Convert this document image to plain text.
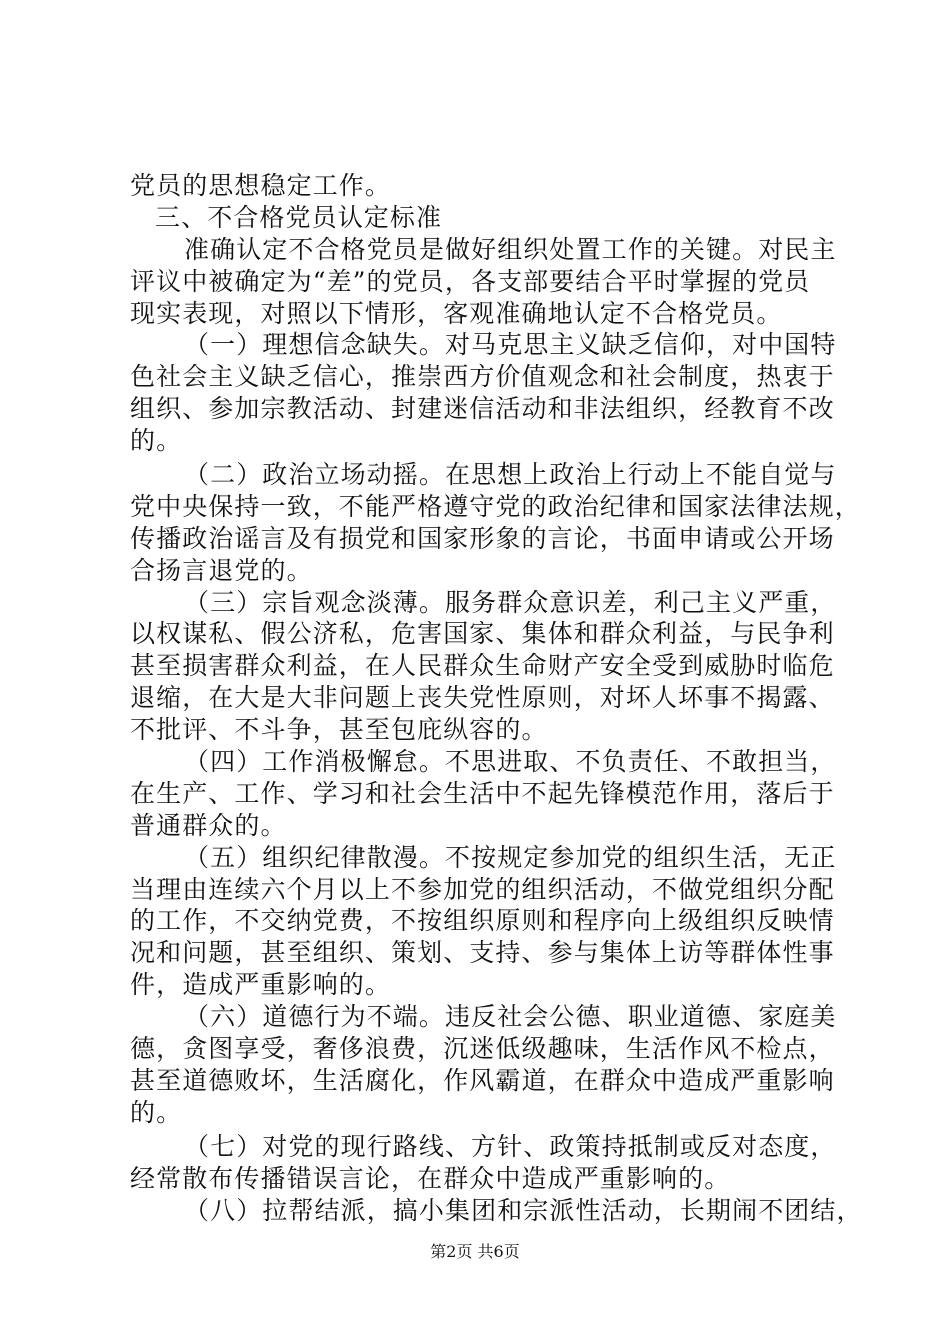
党员的思想稳定工作。
三、不合格党员认定标准
准确认定不合格党员是做好组织处置工作的关键。对民主
评议中被确定为“差”的党员，各支部要结合平时掌握的党员
现实表现，对照以下情形，客观准确地认定不合格党员。
（一）理想信念缺失。对马克思主义缺乏信仰，对中国特
色社会主义缺乏信心，推崇西方价值观念和社会制度，热衷于
组织、参加宗教活动、封建迷信活动和非法组织，经教育不改
的。
（二）政治立场动摇。在思想上政治上行动上不能自觉与
党中央保持一致，不能严格遵守党的政治纪律和国家法律法规，
传播政治谣言及有损党和国家形象的言论，书面申请或公开场
合扬言退党的。
（三）宗旨观念淡薄。服务群众意识差，利己主义严重，
以权谋私、假公济私，危害国家、集体和群众利益，与民争利
甚至损害群众利益，在人民群众生命财产安全受到威胁时临危
退缩，在大是大非问题上丧失党性原则，对坏人坏事不揭露、
不批评、不斗争，甚至包庇纵容的。
（四）工作消极懈怠。不思进取、不负责任、不敢担当，
在生产、工作、学习和社会生活中不起先锋模范作用，落后于
普通群众的。
（五）组织纪律散漫。不按规定参加党的组织生活，无正
当理由连续六个月以上不参加党的组织活动，不做党组织分配
的工作，不交纳党费，不按组织原则和程序向上级组织反映情
况和问题，甚至组织、策划、支持、参与集体上访等群体性事
件，造成严重影响的。
（六）道德行为不端。违反社会公德、职业道德、家庭美
德，贪图享受，奢侈浪费，沉迷低级趣味，生活作风不检点，
甚至道德败坏，生活腐化，作风霸道，在群众中造成严重影响
的。
（七）对党的现行路线、方针、政策持抵制或反对态度，
经常散布传播错误言论，在群众中造成严重影响的。
（八）拉帮结派，搞小集团和宗派性活动，长期闹不团结，
第2页 共6页
